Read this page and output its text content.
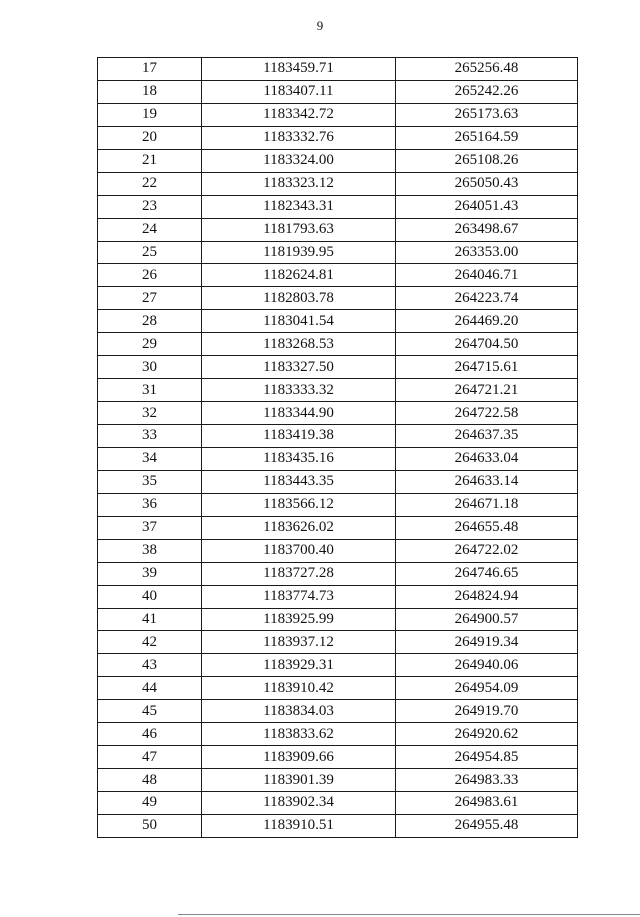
9
17	1183459.71	265256.48
18	1183407.11	265242.26
19	1183342.72	265173.63
20	1183332.76	265164.59
21	1183324.00	265108.26
22	1183323.12	265050.43
23	1182343.31	264051.43
24	1181793.63	263498.67
25	1181939.95	263353.00
26	1182624.81	264046.71
27	1182803.78	264223.74
28	1183041.54	264469.20
29	1183268.53	264704.50
30	1183327.50	264715.61
31	1183333.32	264721.21
32	1183344.90	264722.58
33	1183419.38	264637.35
34	1183435.16	264633.04
35	1183443.35	264633.14
36	1183566.12	264671.18
37	1183626.02	264655.48
38	1183700.40	264722.02
39	1183727.28	264746.65
40	1183774.73	264824.94
41	1183925.99	264900.57
42	1183937.12	264919.34
43	1183929.31	264940.06
44	1183910.42	264954.09
45	1183834.03	264919.70
46	1183833.62	264920.62
47	1183909.66	264954.85
48	1183901.39	264983.33
49	1183902.34	264983.61
50	1183910.51	264955.48
